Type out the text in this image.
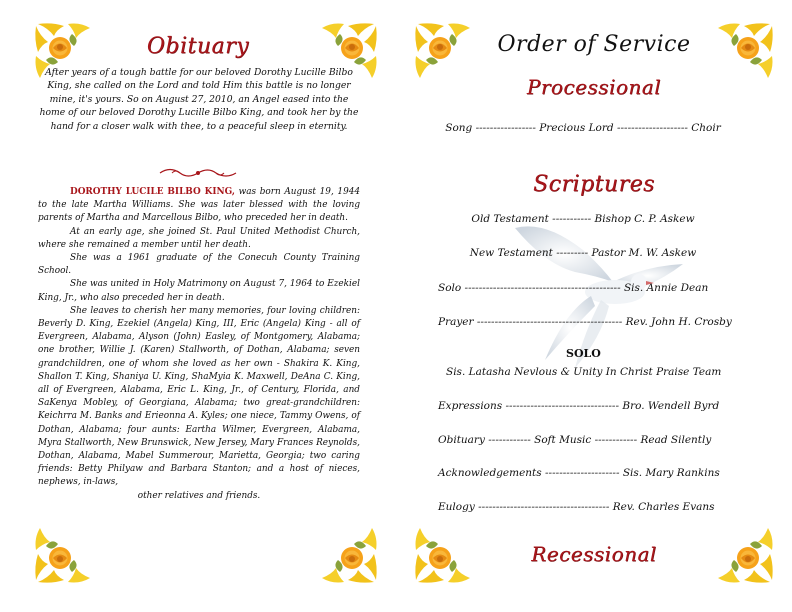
Obituary
After years of a tough battle for our beloved Dorothy Lucille Bilbo King, she called on the Lord and told Him this battle is no longer mine, it's yours. So on August 27, 2010, an Angel eased into the home of our beloved Dorothy Lucille Bilbo King, and took her by the hand for a closer walk with thee, to a peaceful sleep in eternity.

DOROTHY LUCILE BILBO KING, was born August 19, 1944 to the late Martha Williams. She was later blessed with the loving parents of Martha and Marcellous Bilbo, who preceded her in death.

At an early age, she joined St. Paul United Methodist Church, where she remained a member until her death.

She was a 1961 graduate of the Conecuh County Training School.

She was united in Holy Matrimony on August 7, 1964 to Ezekiel King, Jr., who also preceded her in death.

She leaves to cherish her many memories, four loving children: Beverly D. King, Ezekiel (Angela) King, III, Eric (Angela) King - all of Evergreen, Alabama, Alyson (John) Easley, of Montgomery, Alabama; one brother, Willie J. (Karen) Stallworth, of Dothan, Alabama; seven grandchildren, one of whom she loved as her own - Shakira K. King, Shallon T. King, Shaniya U. King, ShaMyia K. Maxwell, DeAna C. King, all of Evergreen, Alabama, Eric L. King, Jr., of Century, Florida, and SaKenya Mobley, of Georgiana, Alabama; two great-grandchildren: Keichrra M. Banks and Erieonna A. Kyles; one niece, Tammy Owens, of Dothan, Alabama; four aunts: Eartha Wilmer, Evergreen, Alabama, Myra Stallworth, New Brunswick, New Jersey, Mary Frances Reynolds, Dothan, Alabama, Mabel Summerour, Marietta, Georgia; two caring friends: Betty Philyaw and Barbara Stanton; and a host of nieces, nephews, in-laws,

other relatives and friends.

Order of Service
Processional
Scriptures
Recessional
Song ----------------- Precious Lord -------------------- Choir
Old Testament ----------- Bishop C. P. Askew
New Testament --------- Pastor M. W. Askew
Solo -------------------------------------------- Sis. Annie Dean
Prayer ----------------------------------------- Rev. John H. Crosby
SOLO
Sis. Latasha Nevlous & Unity In Christ Praise Team
Expressions -------------------------------- Bro. Wendell Byrd
Obituary ------------ Soft Music ------------ Read Silently
Acknowledgements --------------------- Sis. Mary Rankins
Eulogy ------------------------------------- Rev. Charles Evans
